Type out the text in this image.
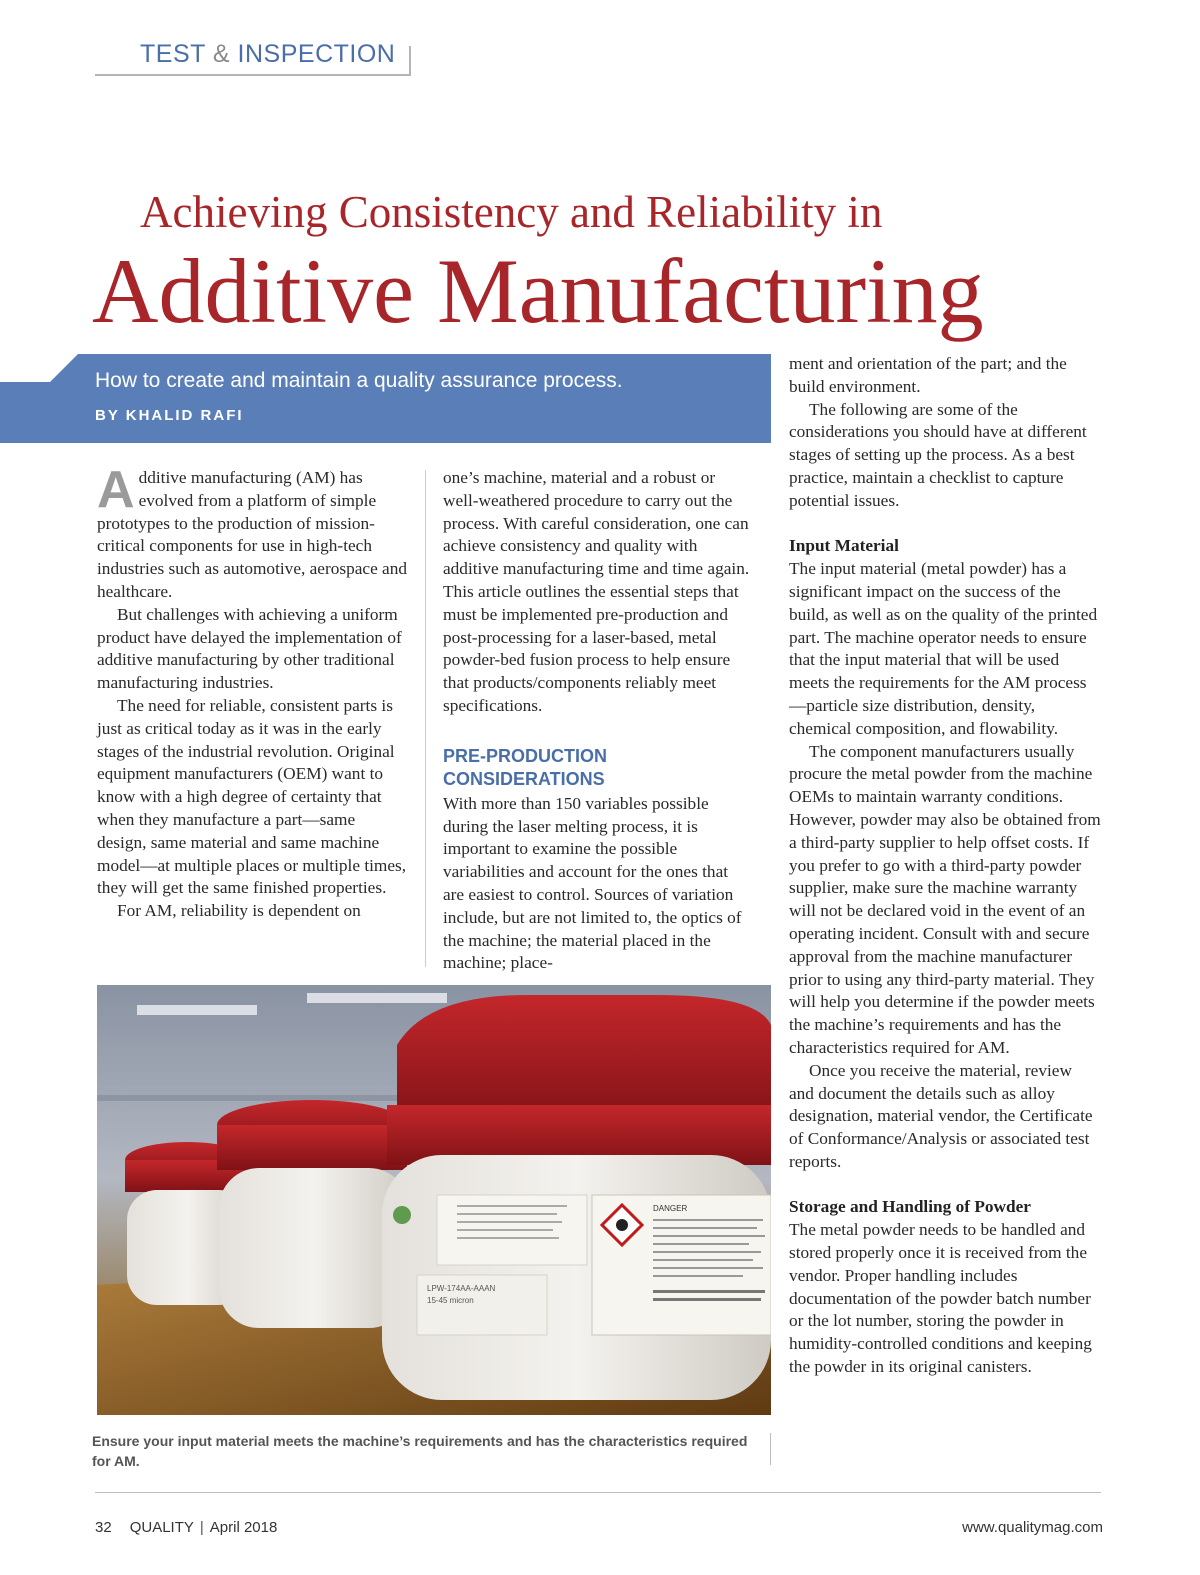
TEST & INSPECTION
Achieving Consistency and Reliability in
Additive Manufacturing
How to create and maintain a quality assurance process.
BY KHALID RAFI

Additive manufacturing (AM) has evolved from a platform of simple prototypes to the production of mission-critical components for use in high-tech industries such as automotive, aerospace and healthcare.

But challenges with achieving a uniform product have delayed the implementation of additive manufacturing by other traditional manufacturing industries.

The need for reliable, consistent parts is just as critical today as it was in the early stages of the industrial revolution. Original equipment manufacturers (OEM) want to know with a high degree of certainty that when they manufacture a part—same design, same material and same machine model—at multiple places or multiple times, they will get the same finished properties.

For AM, reliability is dependent on

one’s machine, material and a robust or well-weathered procedure to carry out the process. With careful consideration, one can achieve consistency and quality with additive manufacturing time and time again. This article outlines the essential steps that must be implemented pre-production and post-processing for a laser-based, metal powder-bed fusion process to help ensure that products/components reliably meet specifications.

PRE-PRODUCTION
CONSIDERATIONS

With more than 150 variables possible during the laser melting process, it is important to examine the possible variabilities and account for the ones that are easiest to control. Sources of variation include, but are not limited to, the optics of the machine; the material placed in the machine; place-

ment and orientation of the part; and the build environment.

The following are some of the considerations you should have at different stages of setting up the process. As a best practice, maintain a checklist to capture potential issues.

Input Material

The input material (metal powder) has a significant impact on the success of the build, as well as on the quality of the printed part. The machine operator needs to ensure that the input material that will be used meets the requirements for the AM process—particle size distribution, density, chemical composition, and flowability.

The component manufacturers usually procure the metal powder from the machine OEMs to maintain warranty conditions. However, powder may also be obtained from a third-party supplier to help offset costs. If you prefer to go with a third-party powder supplier, make sure the machine warranty will not be declared void in the event of an operating incident. Consult with and secure approval from the machine manufacturer prior to using any third-party material. They will help you determine if the powder meets the machine’s requirements and has the characteristics required for AM.

Once you receive the material, review and document the details such as alloy designation, material vendor, the Certificate of Conformance/Analysis or associated test reports.

Storage and Handling of Powder

The metal powder needs to be handled and stored properly once it is received from the vendor. Proper handling includes documentation of the powder batch number or the lot number, storing the powder in humidity-controlled conditions and keeping the powder in its original canisters.

DANGER
LPW-174AA-AAAN
15-45 micron
Ensure your input material meets the machine’s requirements and has the characteristics required for AM.
32 QUALITY | April 2018	www.qualitymag.com
